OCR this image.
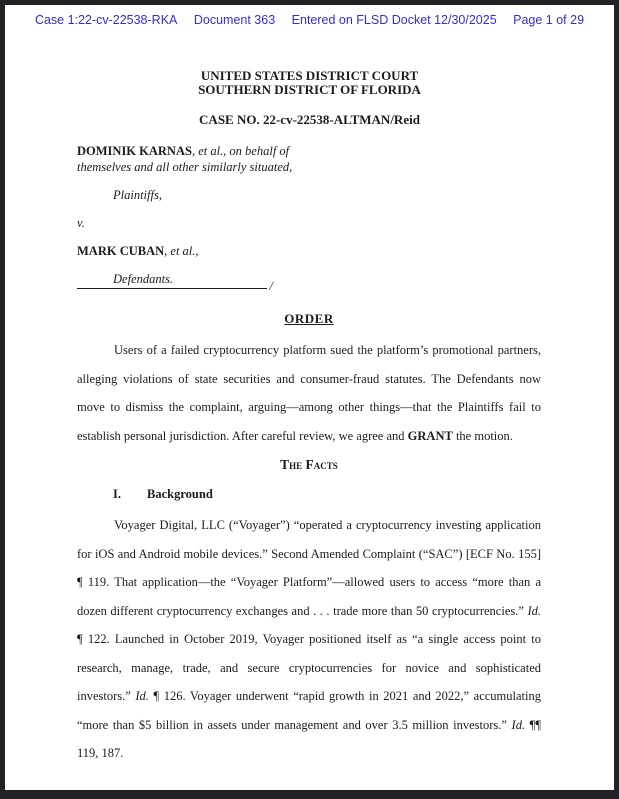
Case 1:22-cv-22538-RKA Document 363 Entered on FLSD Docket 12/30/2025 Page 1 of 29
UNITED STATES DISTRICT COURT
SOUTHERN DISTRICT OF FLORIDA
CASE NO. 22-cv-22538-ALTMAN/Reid
DOMINIK KARNAS, et al., on behalf of
themselves and all other similarly situated,
Plaintiffs,
v.
MARK CUBAN, et al.,
Defendants.	/
ORDER
Users of a failed cryptocurrency platform sued the platform’s promotional partners, alleging violations of state securities and consumer-fraud statutes. The Defendants now move to dismiss the complaint, arguing—among other things—that the Plaintiffs fail to establish personal jurisdiction. After careful review, we agree and GRANT the motion.
The Facts
I. Background
Voyager Digital, LLC (“Voyager”) “operated a cryptocurrency investing application for iOS and Android mobile devices.” Second Amended Complaint (“SAC”) [ECF No. 155] ¶ 119. That application—the “Voyager Platform”—allowed users to access “more than a dozen different cryptocurrency exchanges and . . . trade more than 50 cryptocurrencies.” Id. ¶ 122. Launched in October 2019, Voyager positioned itself as “a single access point to research, manage, trade, and secure cryptocurrencies for novice and sophisticated investors.” Id. ¶ 126. Voyager underwent “rapid growth in 2021 and 2022,” accumulating “more than $5 billion in assets under management and over 3.5 million investors.” Id. ¶¶ 119, 187.
